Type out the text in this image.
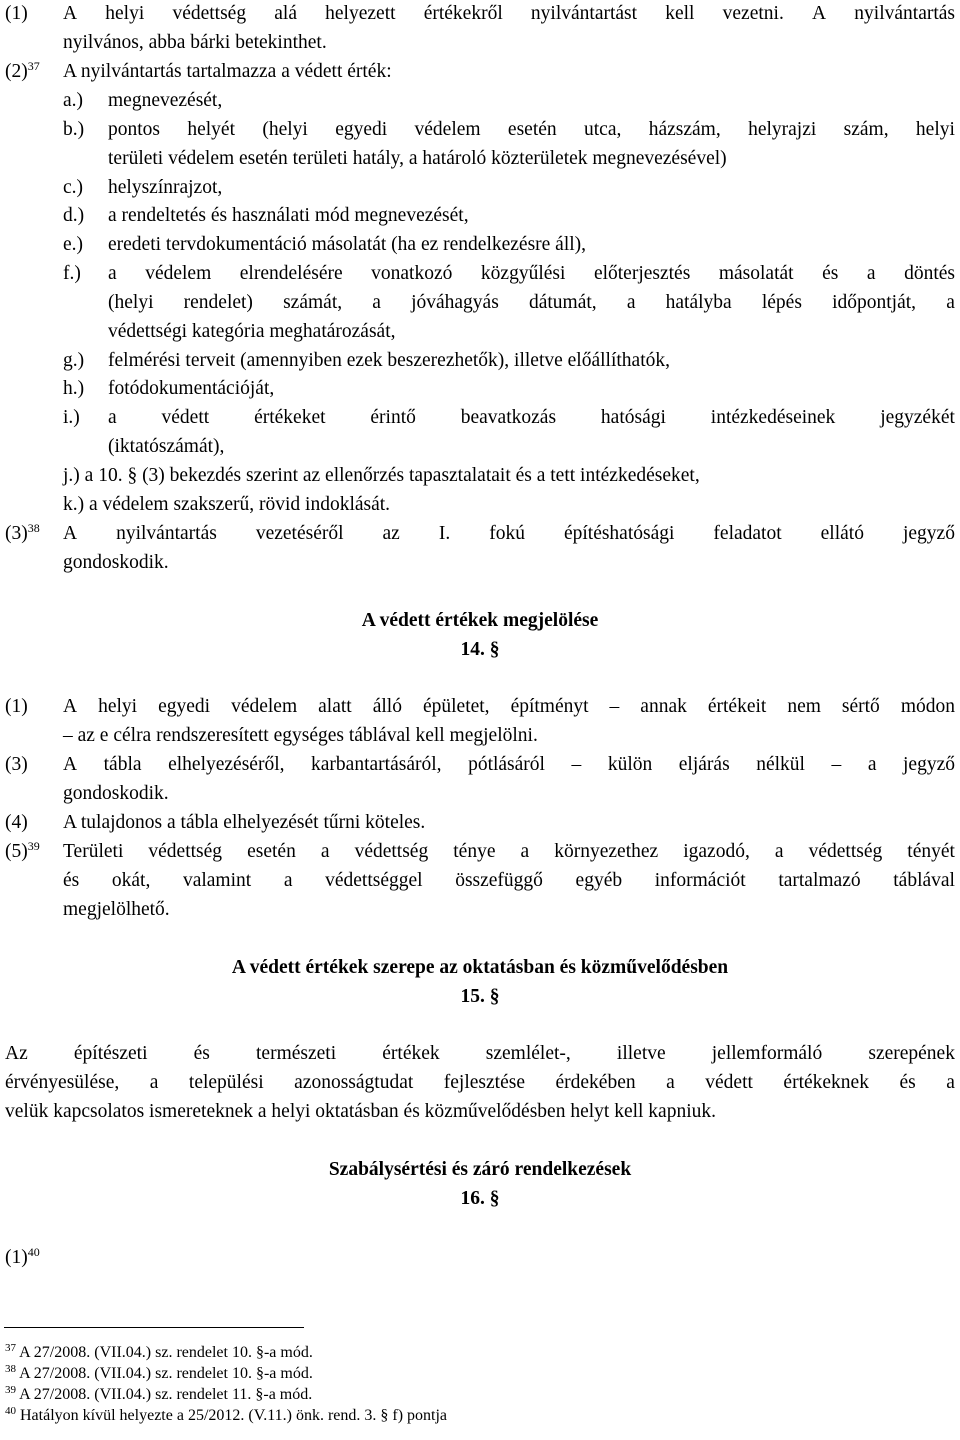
(1) A helyi védettség alá helyezett értékekről nyilvántartást kell vezetni. A nyilvántartás
nyilvános, abba bárki betekinthet.
$(2)^{37}$ A nyilvántartás tartalmazza a védett érték:
a.) megnevezését,
b.) pontos helyét (helyi egyedi védelem esetén utca, házszám, helyrajzi szám, helyi
területi védelem esetén területi hatály, a határoló közterületek megnevezésével)
c.) helyszínrajzot,
d.) a rendeltetés és használati mód megnevezését,
e.) eredeti tervdokumentáció másolatát (ha ez rendelkezésre áll),
f.) a védelem elrendelésére vonatkozó közgyűlési előterjesztés másolatát és a döntés
(helyi rendelet) számát, a jóváhagyás dátumát, a hatályba lépés időpontját, a
védettségi kategória meghatározását,
g.) felmérési terveit (amennyiben ezek beszerezhetők), illetve előállíthatók,
h.) fotódokumentációját,
i.) a védett értékeket érintő beavatkozás hatósági intézkedéseinek jegyzékét
(iktatószámát),
j.) a 10. § (3) bekezdés szerint az ellenőrzés tapasztalatait és a tett intézkedéseket,
k.) a védelem szakszerű, rövid indoklását.
$(3)^{38}$ A nyilvántartás vezetéséről az I. fokú építéshatósági feladatot ellátó jegyző
gondoskodik.
A védett értékek megjelölése
14. §
(1) A helyi egyedi védelem alatt álló épületet, építményt – annak értékeit nem sértő módon
– az e célra rendszeresített egységes táblával kell megjelölni.
(3) A tábla elhelyezéséről, karbantartásáról, pótlásáról – külön eljárás nélkül – a jegyző
gondoskodik.
(4) A tulajdonos a tábla elhelyezését tűrni köteles.
$(5)^{39}$ Területi védettség esetén a védettség ténye a környezethez igazodó, a védettség tényét
és okát, valamint a védettséggel összefüggő egyéb információt tartalmazó táblával
megjelölhető.
A védett értékek szerepe az oktatásban és közművelődésben
15. §
Az építészeti és természeti értékek szemlélet-, illetve jellemformáló szerepének
érvényesülése, a települési azonosságtudat fejlesztése érdekében a védett értékeknek és a
velük kapcsolatos ismereteknek a helyi oktatásban és közművelődésben helyt kell kapniuk.
Szabálysértési és záró rendelkezések
16. §
$(1)^{40}$
$^{37}$ A 27/2008. (VII.04.) sz. rendelet 10. §-a mód.
$^{38}$ A 27/2008. (VII.04.) sz. rendelet 10. §-a mód.
$^{39}$ A 27/2008. (VII.04.) sz. rendelet 11. §-a mód.
$^{40}$ Hatályon kívül helyezte a 25/2012. (V.11.) önk. rend. 3. § f) pontja
